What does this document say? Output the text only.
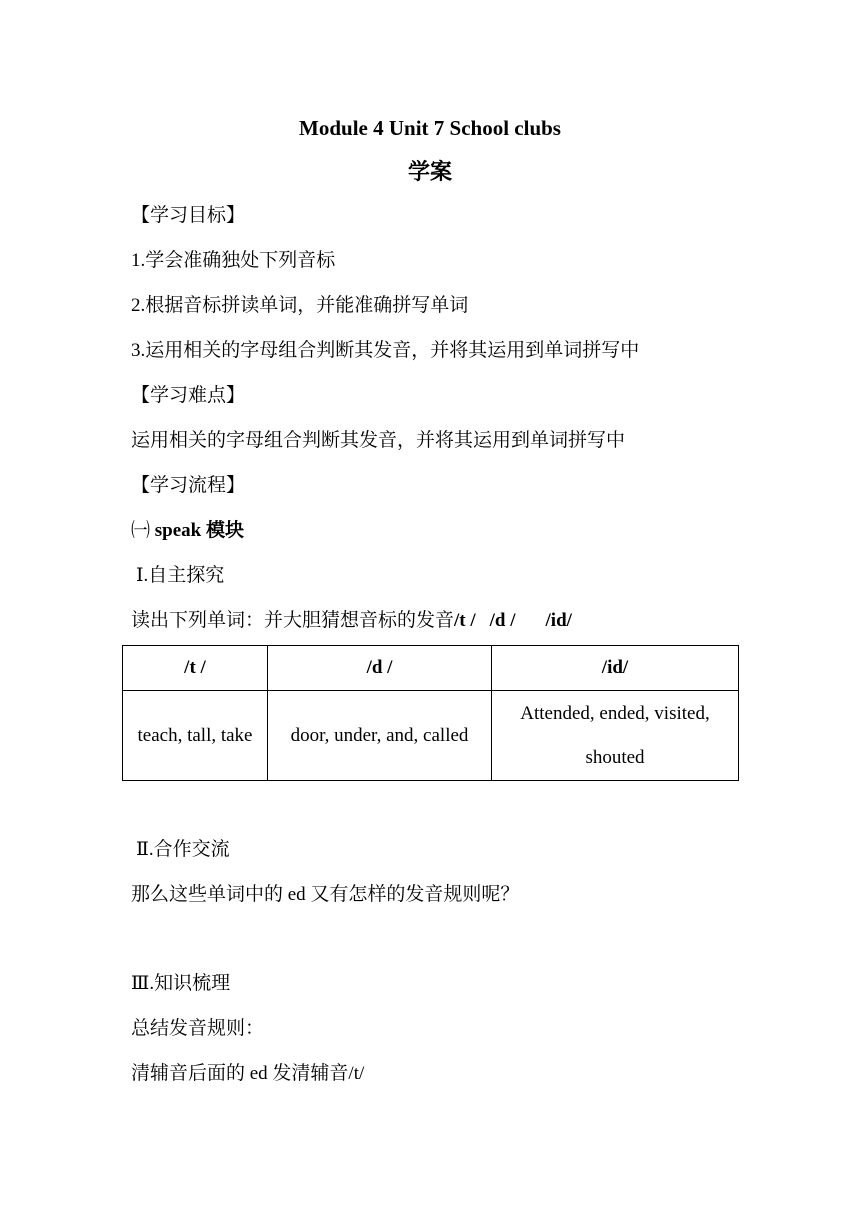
Module 4 Unit 7 School clubs
学案
【学习目标】
1.学会准确独处下列音标
2.根据音标拼读单词，并能准确拼写单词
3.运用相关的字母组合判断其发音，并将其运用到单词拼写中
【学习难点】
运用相关的字母组合判断其发音，并将其运用到单词拼写中
【学习流程】
㈠ speak 模块
Ⅰ.自主探究
读出下列单词：并大胆猜想音标的发音/t / /d / /id/
/t /	/d /	/id/
teach, tall, take	door, under, and, called	Attended, ended, visited, shouted
Ⅱ.合作交流
那么这些单词中的 ed 又有怎样的发音规则呢？
Ⅲ.知识梳理
总结发音规则：
清辅音后面的 ed 发清辅音/t/
